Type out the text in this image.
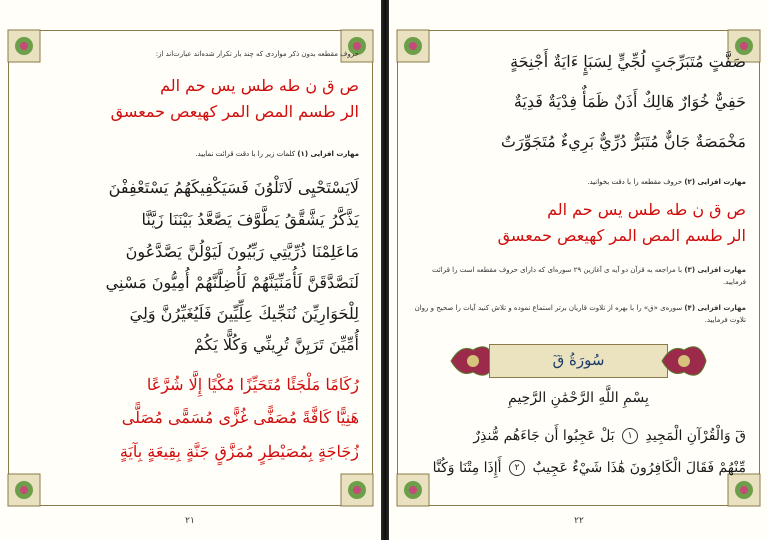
حروف مقطعه بدون ذکر مواردی که چند بار تکرار شده‌اند عبارت‌اند از:
ص ق ن طه طس يس حم الم
الر طسم المص المر كهيعص حمعسق
مهارت افزایی (۱) کلمات زیر را با دقت قرائت نمایید.
لَايَسْتَحْيِى لَاتَلْوُنَ فَسَيَكْفِيكَهُمُ يَسْتَعْفِفْنَ
يَذَّكَّرُ يَشَّقَّقُ يَطَّوَّفَ يَصَّعَّدُ بَيْنَنَا زَيَّنَّا
مَاعَلِمْنَا ذُرِّيَّتِي رَبِّيُونَ لَيَوْلُنَّ يَصَّدَّعُونَ
لَنَصَّدَّقَنَّ لَأُمَنِّيَنَّهُمْ لَأُضِلَّنَّهُمْ أُمِيُّونَ مَسْنِي
لِلْحَوَارِيِّنَ نُنَجِّيكَ عِلِّيِّينَ فَلَيُغَيِّرُنَّ وَلِيَ
أُمِّيِّنَ تَرَيِنَّ تُرِينِّي وَكُلًّا يَكُمْ
رُكَامًا مَلْجَئًا مُتَحَيِّزًا مُكْيًا إِلَّا شُرَّعًا
هَنِيًّا كَافَّةً مُصَفًّى غُزًّى مُسَمًّى مُصَلًّى
زُجَاجَةٍ بِمُصَيْطِرٍ مُمَزَّقٍ جَنَّةٍ بِقِيعَةٍ بِآيَةٍ
۲۱
صَفَّتٍ مُتَبَرِّجَتٍ لُجِّيٍّ لِسَبَإٍ ءَايَةٌ أَجْنِحَةٍ
حَفِيٌّ خُوَارٌ هَالِكٌ أَذَنٌ ظَمَأٌ فِدْيَةٌ فَدِيَةٌ
مَخْمَصَةٌ جَانٌّ مُتَبَرٌّ دُرِّيٌّ بَرِيءٌ مُتَجَوِّرَتٌ
مهارت افزایی (۲) حروف مقطعه را با دقت بخوانید.
ص ق ن طه طس يس حم الم
الر طسم المص المر كهيعص حمعسق
مهارت افزایی (۳) با مراجعه به قرآن دو آیه ی آغازین ۲۹ سوره‌ای که دارای حروف مقطعه است را قرائت فرمایید.
مهارت افزایی (۴) سوره‌ی «ق» را با بهره از تلاوت قاریان برتر استماع نموده و تلاش کنید آیات را صحیح و روان تلاوت فرمایید.
سُورَةُ قٓ
بِسْمِ اللَّهِ الرَّحْمَٰنِ الرَّحِيمِ
قٓ وَالْقُرْآنِ الْمَجِيدِ ١ بَلْ عَجِبُوا أَن جَاءَهُم مُّنذِرٌ
مِّنْهُمْ فَقَالَ الْكَافِرُونَ هَٰذَا شَيْءٌ عَجِيبٌ ٢ أَإِذَا مِتْنَا وَكُنَّا
۲۲
